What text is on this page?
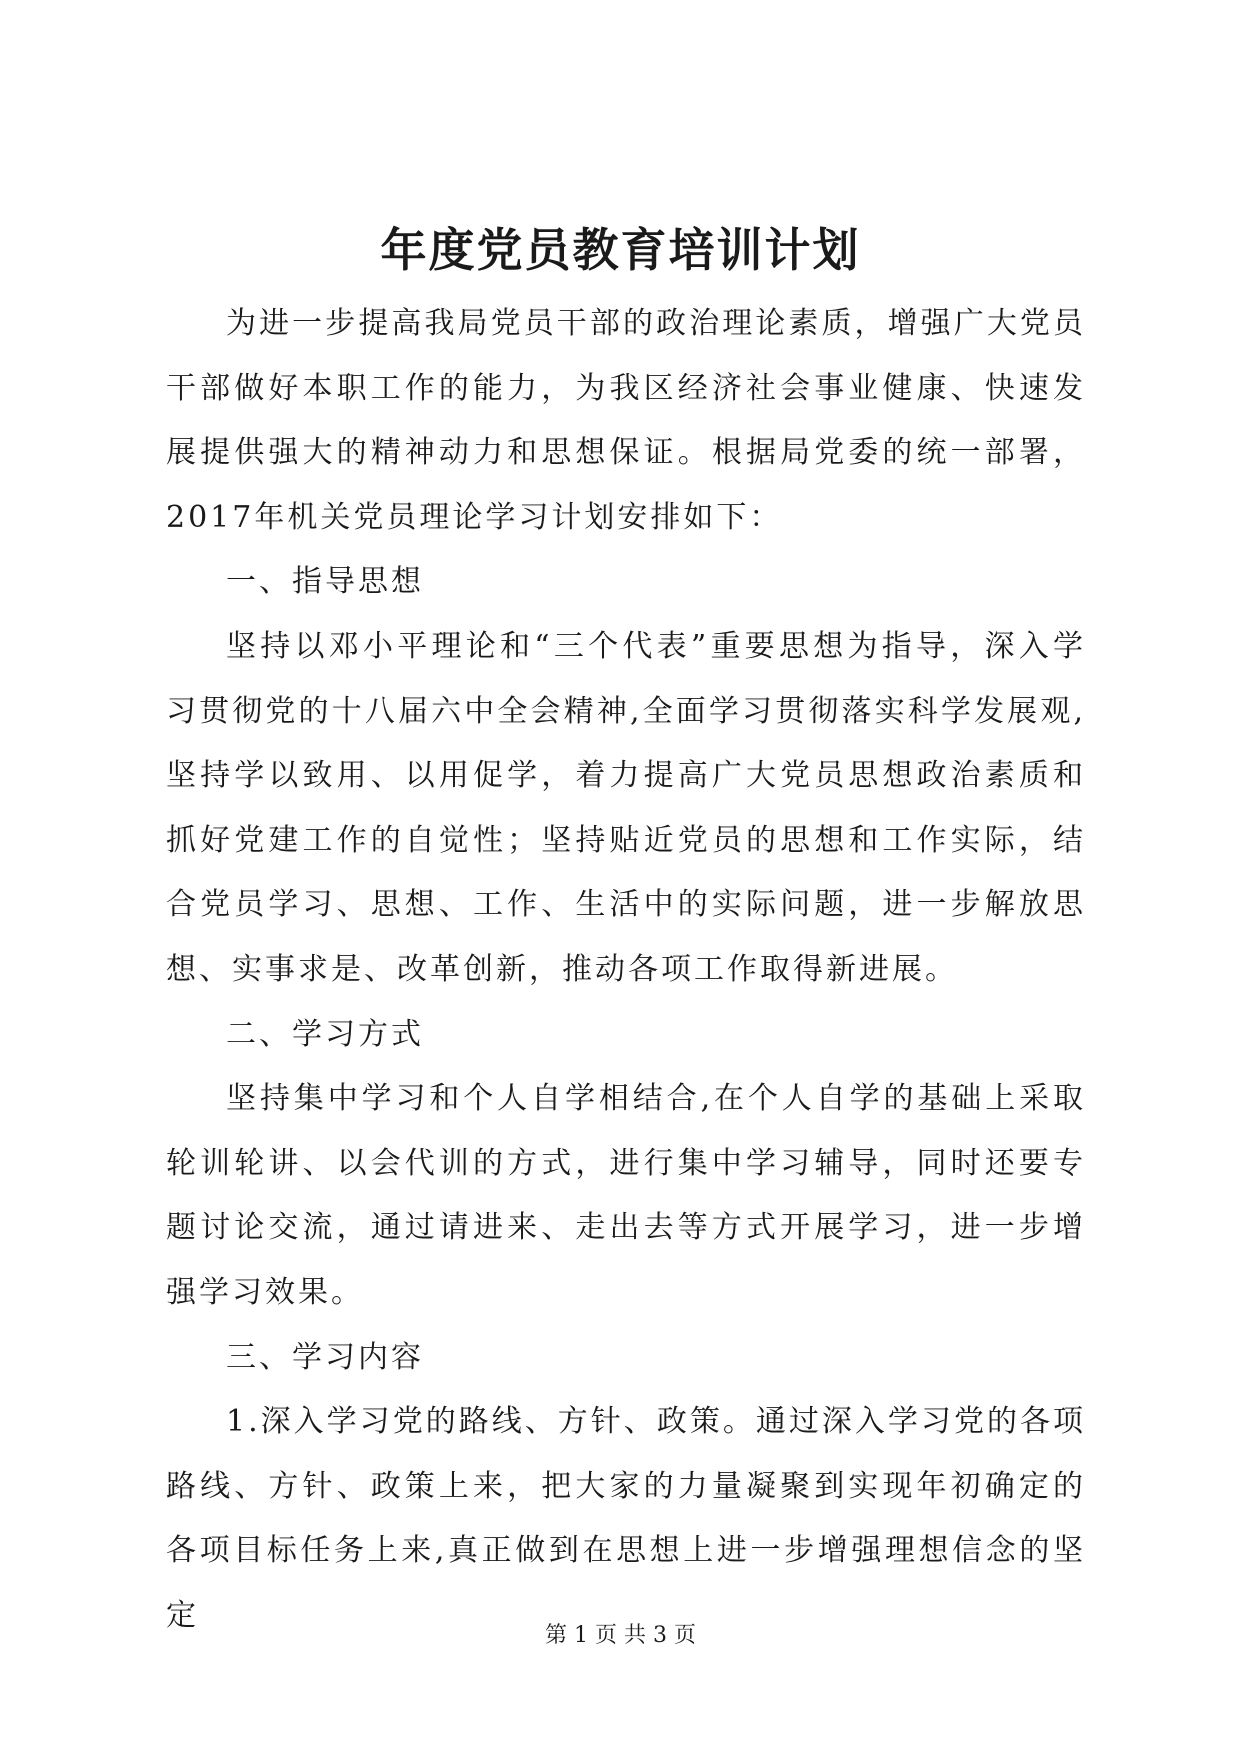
年度党员教育培训计划

为进一步提高我局党员干部的政治理论素质，增强广大党员干部做好本职工作的能力，为我区经济社会事业健康、快速发展提供强大的精神动力和思想保证。根据局党委的统一部署，2017年机关党员理论学习计划安排如下：

一、指导思想

坚持以邓小平理论和“三个代表”重要思想为指导，深入学习贯彻党的十八届六中全会精神,全面学习贯彻落实科学发展观,坚持学以致用、以用促学，着力提高广大党员思想政治素质和抓好党建工作的自觉性；坚持贴近党员的思想和工作实际，结合党员学习、思想、工作、生活中的实际问题，进一步解放思想、实事求是、改革创新，推动各项工作取得新进展。

二、学习方式

坚持集中学习和个人自学相结合,在个人自学的基础上采取轮训轮讲、以会代训的方式，进行集中学习辅导，同时还要专题讨论交流，通过请进来、走出去等方式开展学习，进一步增强学习效果。

三、学习内容

1.深入学习党的路线、方针、政策。通过深入学习党的各项路线、方针、政策上来，把大家的力量凝聚到实现年初确定的各项目标任务上来,真正做到在思想上进一步增强理想信念的坚定

第 1 页 共 3 页
